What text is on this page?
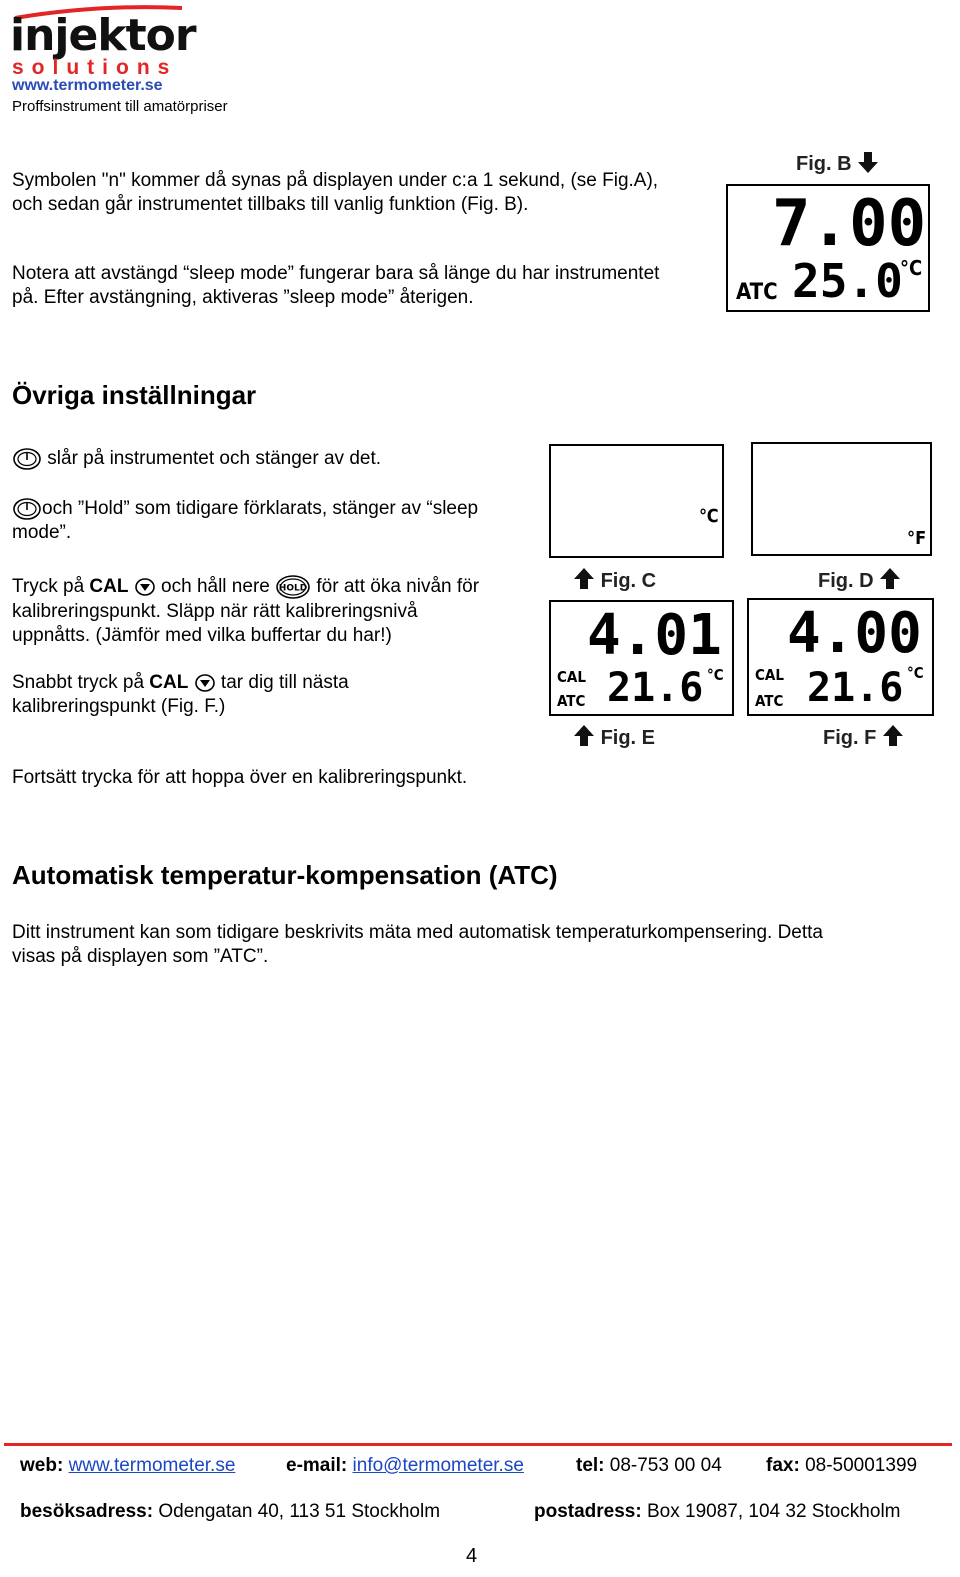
injektor
solutions
www.termometer.se
Proffsinstrument till amatörpriser

Symbolen "n" kommer då synas på displayen under c:a 1 sekund, (se Fig.A),

och sedan går instrumentet tillbaks till vanlig funktion (Fig. B).

Notera att avstängd “sleep mode” fungerar bara så länge du har instrumentet

på. Efter avstängning, aktiveras ”sleep mode” återigen.

Fig. B
7.00
ATC 25.0
°C
Övriga inställningar
slår på instrumentet och stänger av det.
och ”Hold” som tidigare förklarats, stänger av “sleep
mode”.
Tryck på CAL  och håll nere HOLD för att öka nivån för
kalibreringspunkt. Släpp när rätt kalibreringsnivå
uppnåtts. (Jämför med vilka buffertar du har!)
Snabbt tryck på CAL  tar dig till nästa
kalibreringspunkt (Fig. F.)

Fortsätt trycka för att hoppa över en kalibreringspunkt.

℃
°F
Fig. C	Fig. D
4.01
CAL
ATC 21.6 °C
4.00
CAL
ATC 21.6 °C
Fig. E	Fig. F
Automatisk temperatur-kompensation (ATC)

Ditt instrument kan som tidigare beskrivits mäta med automatisk temperaturkompensering. Detta

visas på displayen som ”ATC”.

web: www.termometer.se	e-mail: info@termometer.se	tel: 08-753 00 04 fax: 08-50001399
besöksadress: Odengatan 40, 113 51 Stockholm	postadress: Box 19087, 104 32 Stockholm
4
